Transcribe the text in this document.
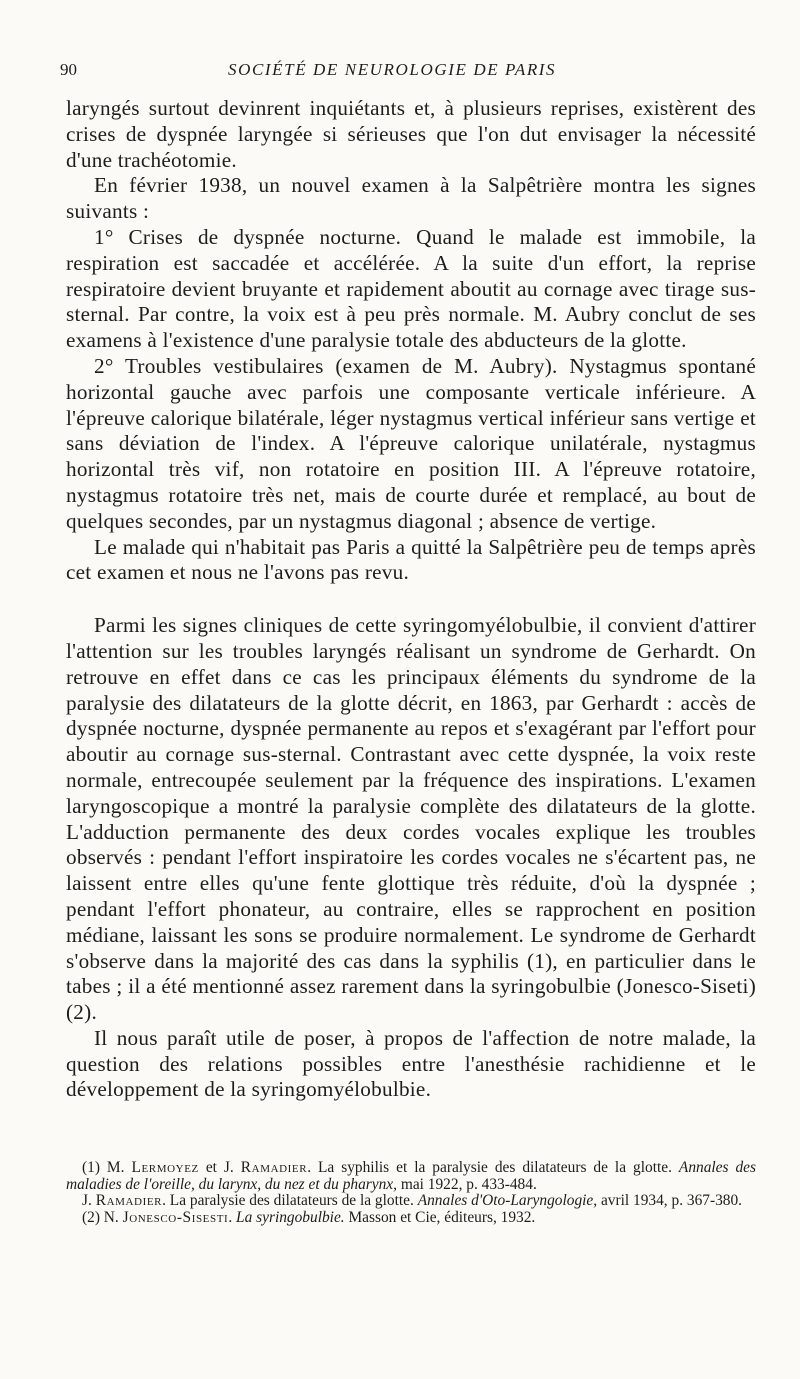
90	SOCIÉTÉ DE NEUROLOGIE DE PARIS

laryngés surtout devinrent inquiétants et, à plusieurs reprises, existèrent des crises de dyspnée laryngée si sérieuses que l'on dut envisager la nécessité d'une trachéotomie.

En février 1938, un nouvel examen à la Salpêtrière montra les signes suivants :

1° Crises de dyspnée nocturne. Quand le malade est immobile, la respiration est saccadée et accélérée. A la suite d'un effort, la reprise respiratoire devient bruyante et rapidement aboutit au cornage avec tirage sus-sternal. Par contre, la voix est à peu près normale. M. Aubry conclut de ses examens à l'existence d'une paralysie totale des abducteurs de la glotte.

2° Troubles vestibulaires (examen de M. Aubry). Nystagmus spontané horizontal gauche avec parfois une composante verticale inférieure. A l'épreuve calorique bilatérale, léger nystagmus vertical inférieur sans vertige et sans déviation de l'index. A l'épreuve calorique unilatérale, nystagmus horizontal très vif, non rotatoire en position III. A l'épreuve rotatoire, nystagmus rotatoire très net, mais de courte durée et remplacé, au bout de quelques secondes, par un nystagmus diagonal ; absence de vertige.

Le malade qui n'habitait pas Paris a quitté la Salpêtrière peu de temps après cet examen et nous ne l'avons pas revu.

Parmi les signes cliniques de cette syringomyélobulbie, il convient d'attirer l'attention sur les troubles laryngés réalisant un syndrome de Gerhardt. On retrouve en effet dans ce cas les principaux éléments du syndrome de la paralysie des dilatateurs de la glotte décrit, en 1863, par Gerhardt : accès de dyspnée nocturne, dyspnée permanente au repos et s'exagérant par l'effort pour aboutir au cornage sus-sternal. Contrastant avec cette dyspnée, la voix reste normale, entrecoupée seulement par la fréquence des inspirations. L'examen laryngoscopique a montré la paralysie complète des dilatateurs de la glotte. L'adduction permanente des deux cordes vocales explique les troubles observés : pendant l'effort inspiratoire les cordes vocales ne s'écartent pas, ne laissent entre elles qu'une fente glottique très réduite, d'où la dyspnée ; pendant l'effort phonateur, au contraire, elles se rapprochent en position médiane, laissant les sons se produire normalement. Le syndrome de Gerhardt s'observe dans la majorité des cas dans la syphilis (1), en particulier dans le tabes ; il a été mentionné assez rarement dans la syringobulbie (Jonesco-Siseti) (2).

Il nous paraît utile de poser, à propos de l'affection de notre malade, la question des relations possibles entre l'anesthésie rachidienne et le développement de la syringomyélobulbie.

(1) M. Lermoyez et J. Ramadier. La syphilis et la paralysie des dilatateurs de la glotte. Annales des maladies de l'oreille, du larynx, du nez et du pharynx, mai 1922, p. 433-484.

J. Ramadier. La paralysie des dilatateurs de la glotte. Annales d'Oto-Laryngologie, avril 1934, p. 367-380.

(2) N. Jonesco-Sisesti. La syringobulbie. Masson et Cie, éditeurs, 1932.
